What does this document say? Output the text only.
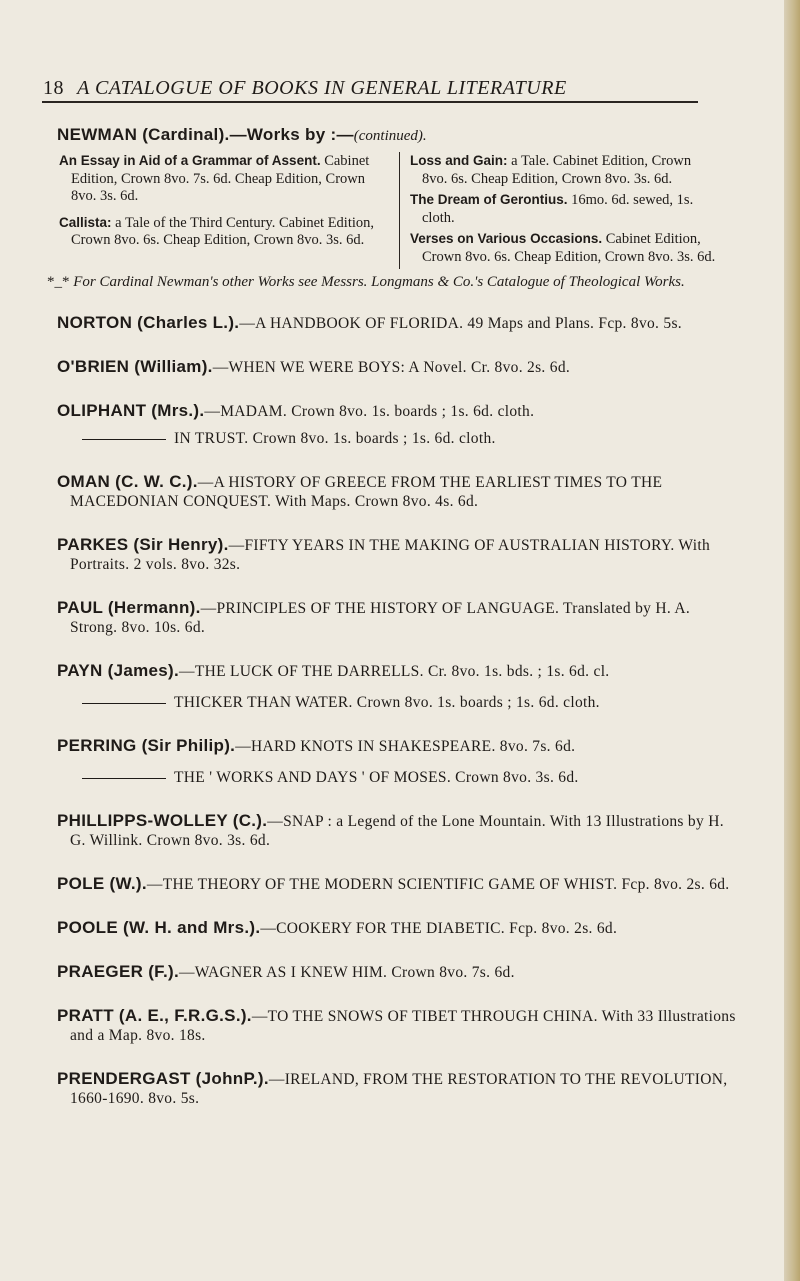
18 A CATALOGUE OF BOOKS IN GENERAL LITERATURE
NEWMAN (Cardinal).—Works by :—(continued).
An Essay in Aid of a Grammar of Assent. Cabinet Edition, Crown 8vo. 7s. 6d. Cheap Edition, Crown 8vo. 3s. 6d.
Callista: a Tale of the Third Century. Cabinet Edition, Crown 8vo. 6s. Cheap Edition, Crown 8vo. 3s. 6d.
Loss and Gain: a Tale. Cabinet Edition, Crown 8vo. 6s. Cheap Edition, Crown 8vo. 3s. 6d.
The Dream of Gerontius. 16mo. 6d. sewed, 1s. cloth.
Verses on Various Occasions. Cabinet Edition, Crown 8vo. 6s. Cheap Edition, Crown 8vo. 3s. 6d.
*_* For Cardinal Newman's other Works see Messrs. Longmans & Co.'s Catalogue of Theological Works.
NORTON (Charles L.).—A HANDBOOK OF FLORIDA. 49 Maps and Plans. Fcp. 8vo. 5s.
O'BRIEN (William).—WHEN WE WERE BOYS: A Novel. Cr. 8vo. 2s. 6d.
OLIPHANT (Mrs.).—MADAM. Crown 8vo. 1s. boards ; 1s. 6d. cloth.
IN TRUST. Crown 8vo. 1s. boards ; 1s. 6d. cloth.
OMAN (C. W. C.).—A HISTORY OF GREECE FROM THE EARLIEST TIMES TO THE MACEDONIAN CONQUEST. With Maps. Crown 8vo. 4s. 6d.
PARKES (Sir Henry).—FIFTY YEARS IN THE MAKING OF AUSTRALIAN HISTORY. With Portraits. 2 vols. 8vo. 32s.
PAUL (Hermann).—PRINCIPLES OF THE HISTORY OF LANGUAGE. Translated by H. A. Strong. 8vo. 10s. 6d.
PAYN (James).—THE LUCK OF THE DARRELLS. Cr. 8vo. 1s. bds. ; 1s. 6d. cl.
THICKER THAN WATER. Crown 8vo. 1s. boards ; 1s. 6d. cloth.
PERRING (Sir Philip).—HARD KNOTS IN SHAKESPEARE. 8vo. 7s. 6d.
THE ' WORKS AND DAYS ' OF MOSES. Crown 8vo. 3s. 6d.
PHILLIPPS-WOLLEY (C.).—SNAP : a Legend of the Lone Mountain. With 13 Illustrations by H. G. Willink. Crown 8vo. 3s. 6d.
POLE (W.).—THE THEORY OF THE MODERN SCIENTIFIC GAME OF WHIST. Fcp. 8vo. 2s. 6d.
POOLE (W. H. and Mrs.).—COOKERY FOR THE DIABETIC. Fcp. 8vo. 2s. 6d.
PRAEGER (F.).—WAGNER AS I KNEW HIM. Crown 8vo. 7s. 6d.
PRATT (A. E., F.R.G.S.).—TO THE SNOWS OF TIBET THROUGH CHINA. With 33 Illustrations and a Map. 8vo. 18s.
PRENDERGAST (JohnP.).—IRELAND, FROM THE RESTORATION TO THE REVOLUTION, 1660-1690. 8vo. 5s.
